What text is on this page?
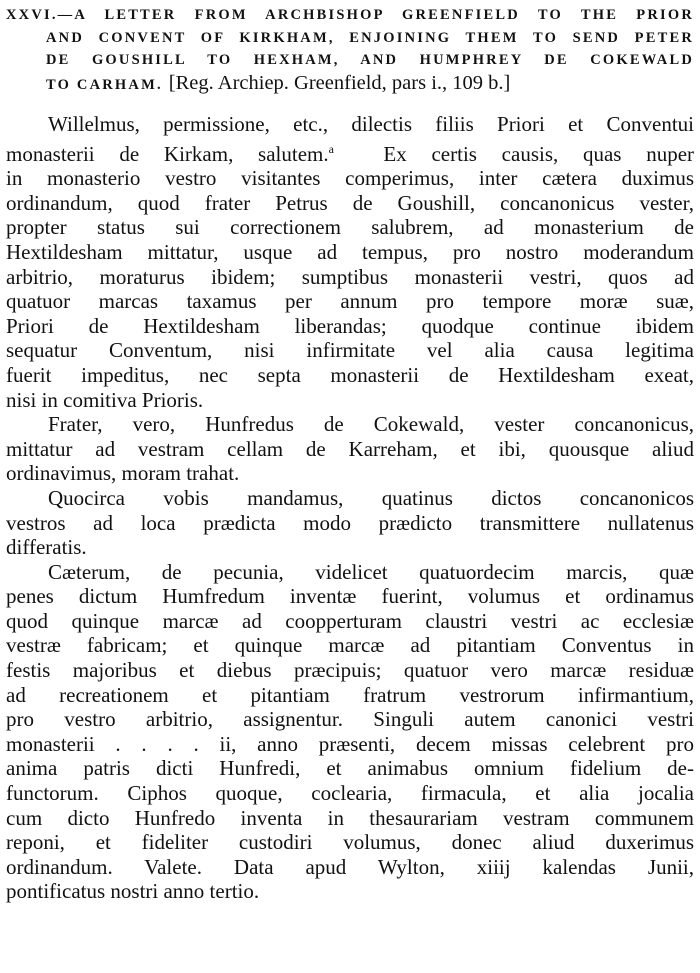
XXVI.—A LETTER FROM ARCHBISHOP GREENFIELD TO THE PRIOR
AND CONVENT OF KIRKHAM, ENJOINING THEM TO SEND PETER
DE GOUSHILL TO HEXHAM, AND HUMPHREY DE COKEWALD
TO CARHAM. [Reg. Archiep. Greenfield, pars i., 109 b.]
Willelmus, permissione, etc., dilectis filiis Priori et Conventui
monasterii de Kirkam, salutem.$^a$ Ex certis causis, quas nuper
in monasterio vestro visitantes comperimus, inter cætera duximus
ordinandum, quod frater Petrus de Goushill, concanonicus vester,
propter status sui correctionem salubrem, ad monasterium de
Hextildesham mittatur, usque ad tempus, pro nostro moderandum
arbitrio, moraturus ibidem; sumptibus monasterii vestri, quos ad
quatuor marcas taxamus per annum pro tempore moræ suæ,
Priori de Hextildesham liberandas; quodque continue ibidem
sequatur Conventum, nisi infirmitate vel alia causa legitima
fuerit impeditus, nec septa monasterii de Hextildesham exeat,
nisi in comitiva Prioris.
Frater, vero, Hunfredus de Cokewald, vester concanonicus,
mittatur ad vestram cellam de Karreham, et ibi, quousque aliud
ordinavimus, moram trahat.
Quocirca vobis mandamus, quatinus dictos concanonicos
vestros ad loca prædicta modo prædicto transmittere nullatenus
differatis.
Cæterum, de pecunia, videlicet quatuordecim marcis, quæ
penes dictum Humfredum inventæ fuerint, volumus et ordinamus
quod quinque marcæ ad coopperturam claustri vestri ac ecclesiæ
vestræ fabricam; et quinque marcæ ad pitantiam Conventus in
festis majoribus et diebus præcipuis; quatuor vero marcæ residuæ
ad recreationem et pitantiam fratrum vestrorum infirmantium,
pro vestro arbitrio, assignentur. Singuli autem canonici vestri
monasterii . . . . ii, anno præsenti, decem missas celebrent pro
anima patris dicti Hunfredi, et animabus omnium fidelium de-
functorum. Ciphos quoque, coclearia, firmacula, et alia jocalia
cum dicto Hunfredo inventa in thesaurariam vestram communem
reponi, et fideliter custodiri volumus, donec aliud duxerimus
ordinandum. Valete. Data apud Wylton, xiiij kalendas Junii,
pontificatus nostri anno tertio.
